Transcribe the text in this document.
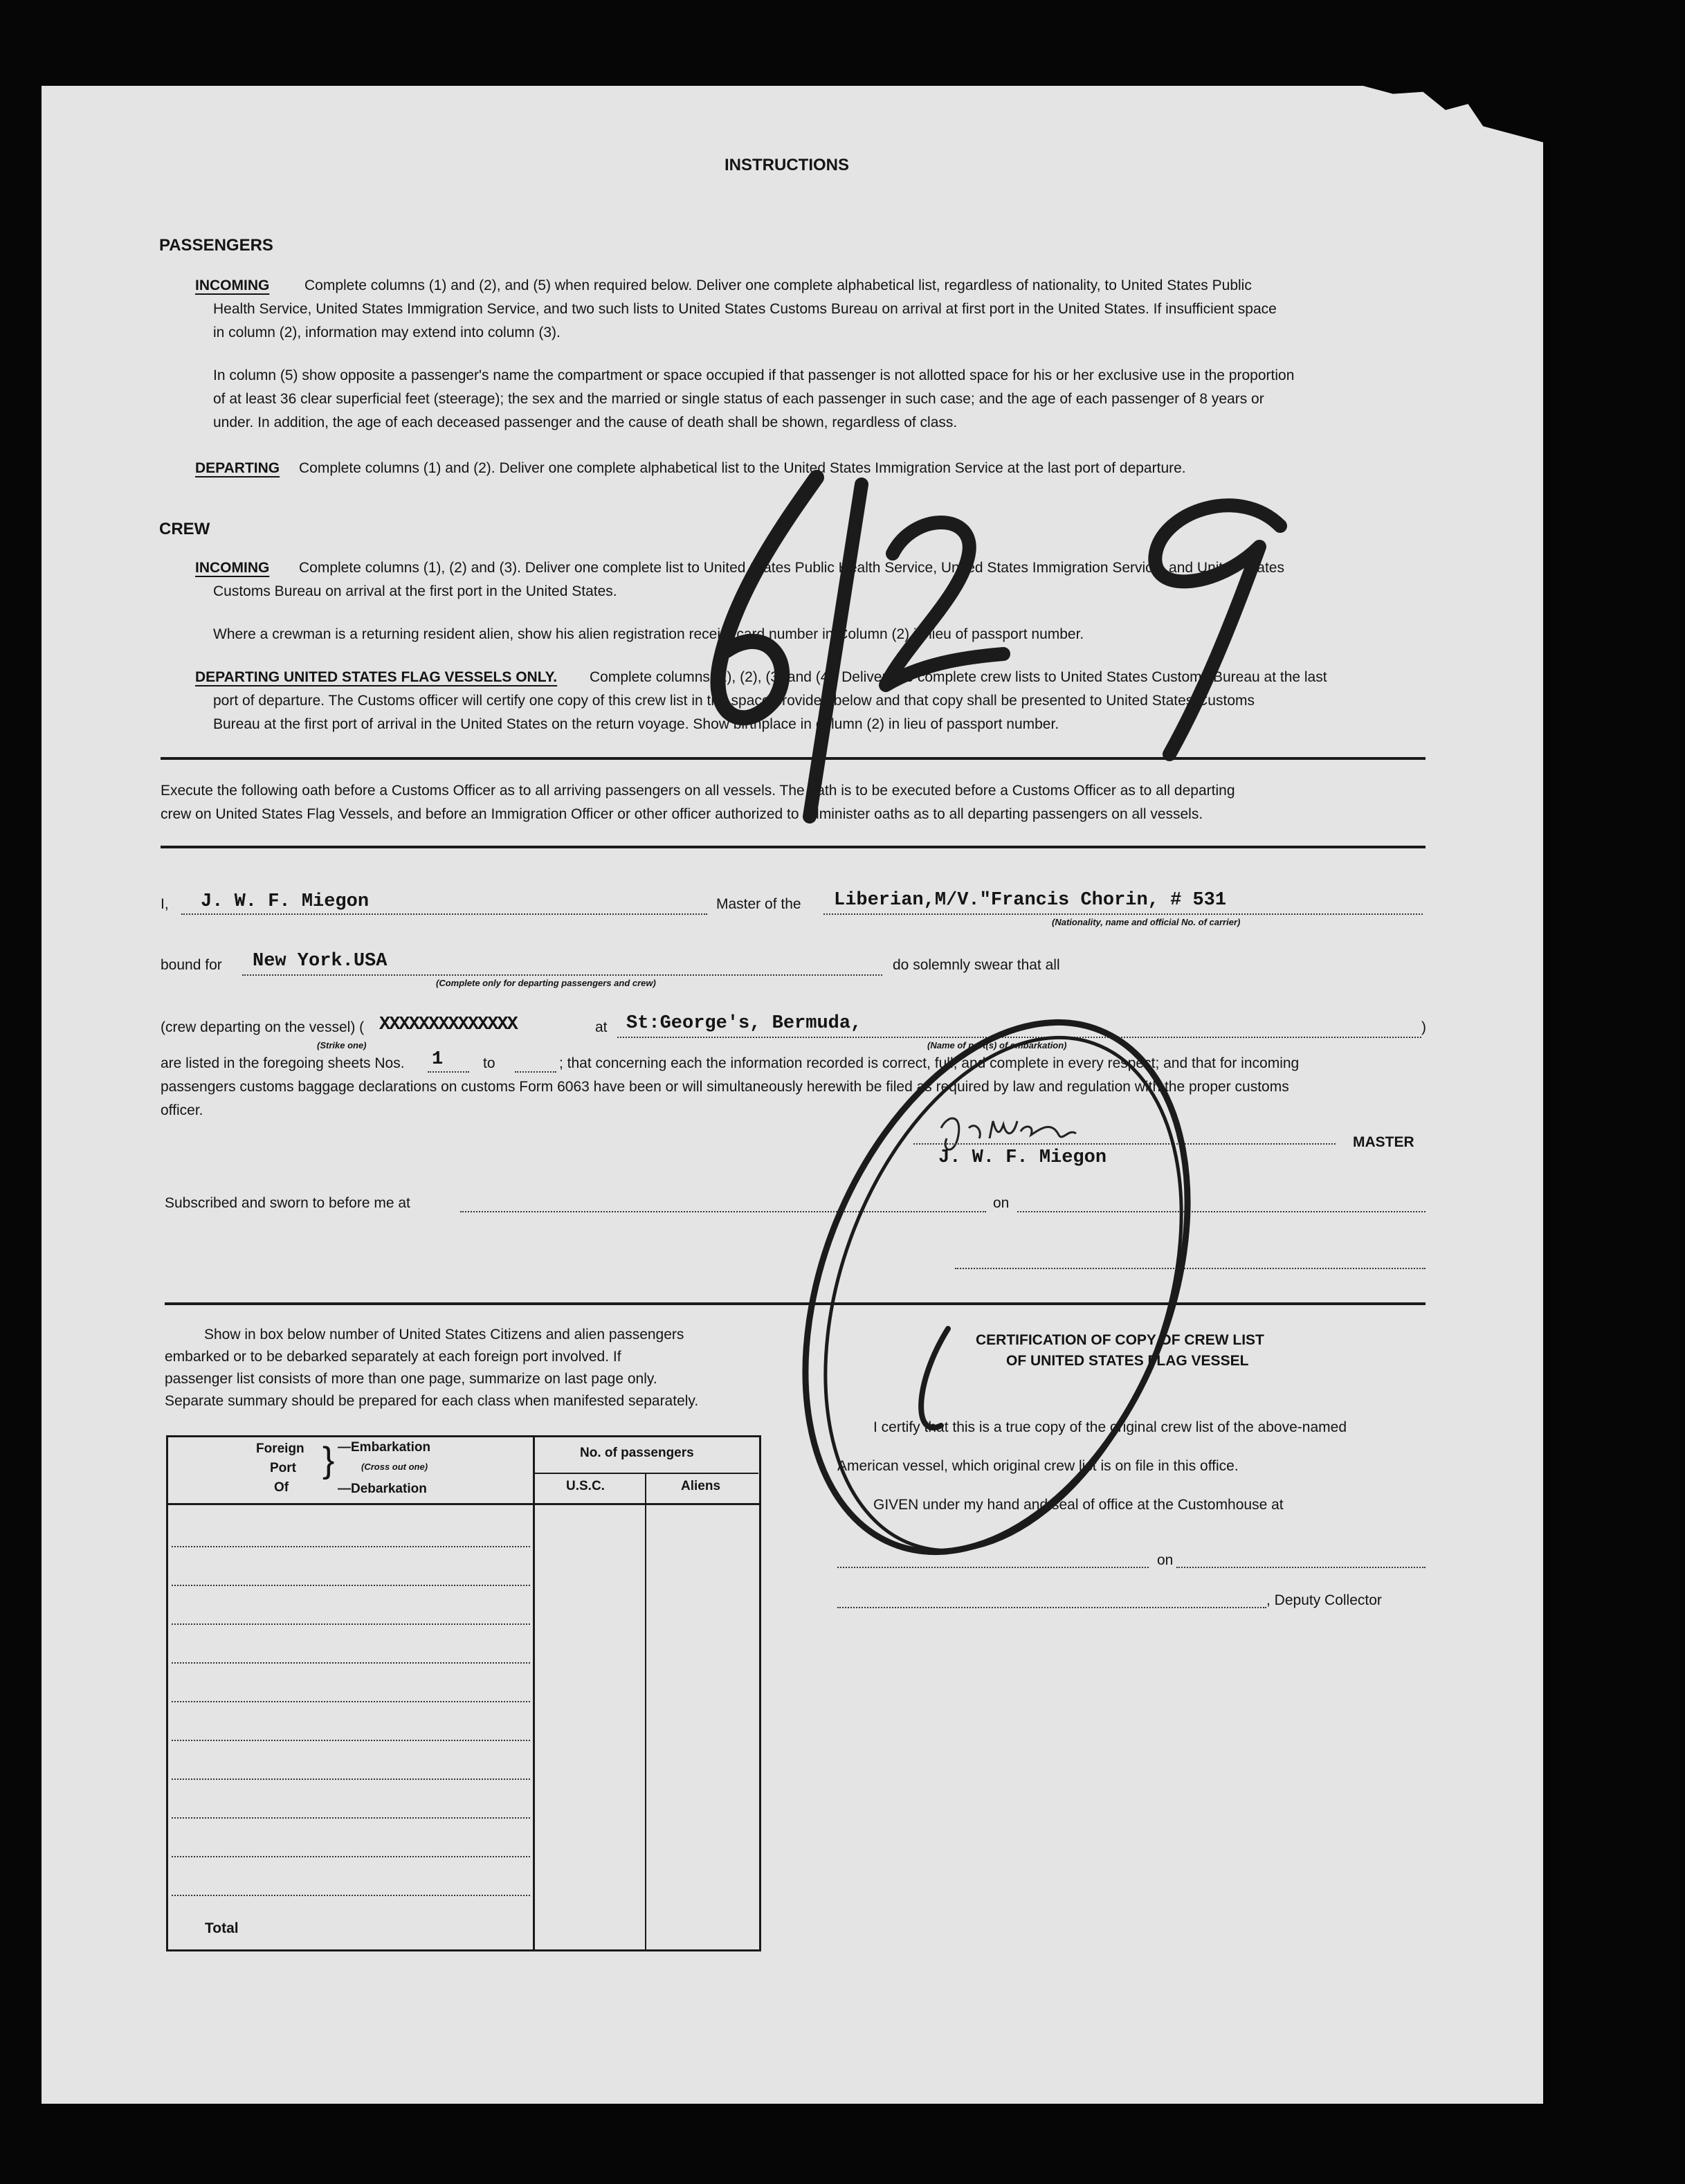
INSTRUCTIONS
PASSENGERS
INCOMING Complete columns (1) and (2), and (5) when required below. Deliver one complete alphabetical list, regardless of nationality, to United States Public
Health Service, United States Immigration Service, and two such lists to United States Customs Bureau on arrival at first port in the United States. If insufficient space
in column (2), information may extend into column (3).
In column (5) show opposite a passenger's name the compartment or space occupied if that passenger is not allotted space for his or her exclusive use in the proportion
of at least 36 clear superficial feet (steerage); the sex and the married or single status of each passenger in such case; and the age of each passenger of 8 years or
under. In addition, the age of each deceased passenger and the cause of death shall be shown, regardless of class.
DEPARTING Complete columns (1) and (2). Deliver one complete alphabetical list to the United States Immigration Service at the last port of departure.
CREW
INCOMING Complete columns (1), (2) and (3). Deliver one complete list to United States Public Health Service, United States Immigration Service, and United States
Customs Bureau on arrival at the first port in the United States.
Where a crewman is a returning resident alien, show his alien registration receipt card number in Column (2) in lieu of passport number.
DEPARTING UNITED STATES FLAG VESSELS ONLY. Complete columns (1), (2), (3) and (4). Deliver two complete crew lists to United States Customs Bureau at the last
port of departure. The Customs officer will certify one copy of this crew list in the space provided below and that copy shall be presented to United States Customs
Bureau at the first port of arrival in the United States on the return voyage. Show birthplace in column (2) in lieu of passport number.
Execute the following oath before a Customs Officer as to all arriving passengers on all vessels. The oath is to be executed before a Customs Officer as to all departing
crew on United States Flag Vessels, and before an Immigration Officer or other officer authorized to administer oaths as to all departing passengers on all vessels.
I, J. W. F. Miegon	Master of the Liberian,M/V."Francis Chorin, # 531
(Nationality, name and official No. of carrier)
bound for New York.USA
(Complete only for departing passengers and crew)
do solemnly swear that all
(crew departing on the vessel) (
(Strike one)
XXXXXXXXXXXXXX	at St:George's, Bermuda,
(Name of port(s) of embarkation)
)
are listed in the foregoing sheets Nos. 1	to	; that concerning each the information recorded is correct, full, and complete in every respect; and that for incoming
passengers customs baggage declarations on customs Form 6063 have been or will simultaneously herewith be filed as required by law and regulation with the proper customs
officer.
J. W. F. Miegon
MASTER
Subscribed and sworn to before me at	on
Show in box below number of United States Citizens and alien passengers
embarked or to be debarked separately at each foreign port involved. If
passenger list consists of more than one page, summarize on last page only.
Separate summary should be prepared for each class when manifested separately.
Foreign
Port
Of
} —Embarkation
(Cross out one)
—Debarkation
No. of passengers
U.S.C.	Aliens
Total
CERTIFICATION OF COPY OF CREW LIST
OF UNITED STATES FLAG VESSEL
I certify that this is a true copy of the original crew list of the above-named
American vessel, which original crew list is on file in this office.
GIVEN under my hand and seal of office at the Customhouse at
on
, Deputy Collector
